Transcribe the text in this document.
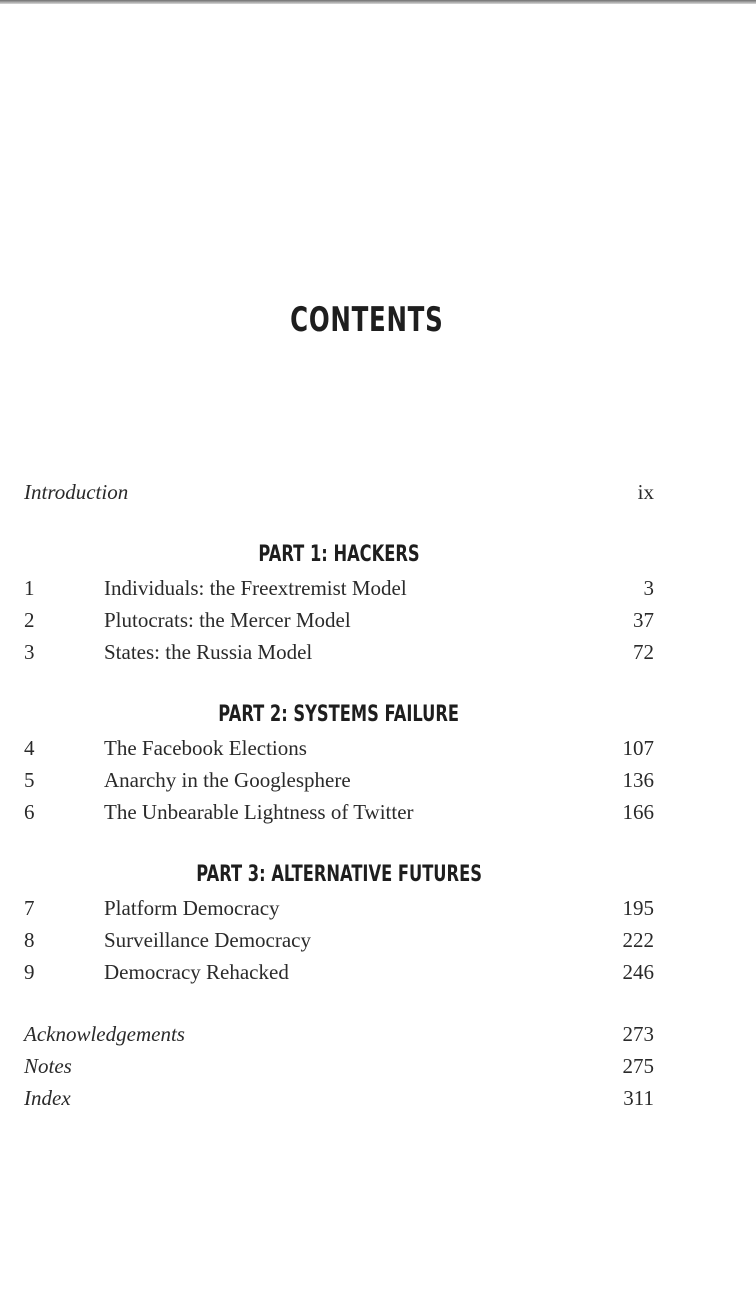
CONTENTS
Introduction	ix
PART 1: HACKERS
1	Individuals: the Freextremist Model	3
2	Plutocrats: the Mercer Model	37
3	States: the Russia Model	72
PART 2: SYSTEMS FAILURE
4	The Facebook Elections	107
5	Anarchy in the Googlesphere	136
6	The Unbearable Lightness of Twitter	166
PART 3: ALTERNATIVE FUTURES
7	Platform Democracy	195
8	Surveillance Democracy	222
9	Democracy Rehacked	246
Acknowledgements	273
Notes	275
Index	311
